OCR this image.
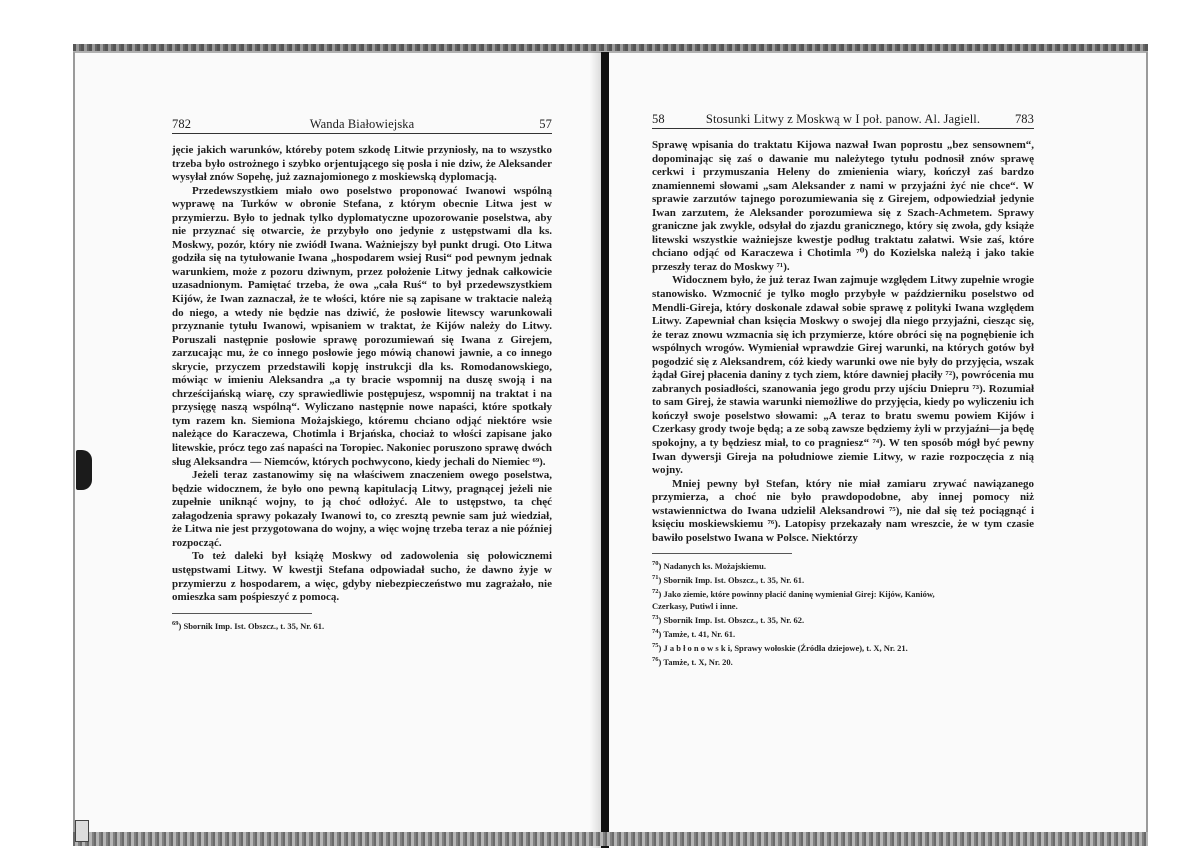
782	Wanda Białowiejska	57

jęcie jakich warunków, któreby potem szkodę Litwie przyniosły, na to wszystko trzeba było ostrożnego i szybko orjentującego się posła i nie dziw, że Aleksander wysyłał znów Sopehę, już zaznajomionego z moskiewską dyplomacją.

Przedewszystkiem miało owo poselstwo proponować Iwanowi wspólną wyprawę na Turków w obronie Stefana, z którym obecnie Litwa jest w przymierzu. Było to jednak tylko dyplomatyczne upozorowanie poselstwa, aby nie przyznać się otwarcie, że przybyło ono jedynie z ustępstwami dla ks. Moskwy, pozór, który nie zwiódł Iwana. Ważniejszy był punkt drugi. Oto Litwa godziła się na tytułowanie Iwana „hospodarem wsiej Rusi“ pod pewnym jednak warunkiem, może z pozoru dziwnym, przez położenie Litwy jednak całkowicie uzasadnionym. Pamiętać trzeba, że owa „cała Ruś“ to był przedewszystkiem Kijów, że Iwan zaznaczał, że te włości, które nie są zapisane w traktacie należą do niego, a wtedy nie będzie nas dziwić, że posłowie litewscy warunkowali przyznanie tytułu Iwanowi, wpisaniem w traktat, że Kijów należy do Litwy. Poruszali następnie posłowie sprawę porozumiewań się Iwana z Girejem, zarzucając mu, że co innego posłowie jego mówią chanowi jawnie, a co innego skrycie, przyczem przedstawili kopję instrukcji dla ks. Romodanowskiego, mówiąc w imieniu Aleksandra „a ty bracie wspomnij na duszę swoją i na chrześcijańską wiarę, czy sprawiedliwie postępujesz, wspomnij na traktat i na przysięgę naszą wspólną“. Wyliczano następnie nowe napaści, które spotkały tym razem kn. Siemiona Możajskiego, któremu chciano odjąć niektóre wsie należące do Karaczewa, Chotimla i Brjańska, chociaż to włości zapisane jako litewskie, prócz tego zaś napaści na Toropiec. Nakoniec poruszono sprawę dwóch sług Aleksandra — Niemców, których pochwycono, kiedy jechali do Niemiec ⁶⁹).

Jeżeli teraz zastanowimy się na właściwem znaczeniem owego poselstwa, będzie widocznem, że było ono pewną kapitulacją Litwy, pragnącej jeżeli nie zupełnie uniknąć wojny, to ją choć odłożyć. Ale to ustępstwo, ta chęć załagodzenia sprawy pokazały Iwanowi to, co zresztą pewnie sam już wiedział, że Litwa nie jest przygotowana do wojny, a więc wojnę trzeba teraz a nie później rozpocząć.

To też daleki był książę Moskwy od zadowolenia się połowicznemi ustępstwami Litwy. W kwestji Stefana odpowiadał sucho, że dawno żyje w przymierzu z hospodarem, a więc, gdyby niebezpieczeństwo mu zagrażało, nie omieszka sam pośpieszyć z pomocą.

$^{69}$) Sbornik Imp. Ist. Obszcz., t. 35, Nr. 61.
58	Stosunki Litwy z Moskwą w I poł. panow. Al. Jagiell.	783

Sprawę wpisania do traktatu Kijowa nazwał Iwan poprostu „bez sensownem“, dopominając się zaś o dawanie mu należytego tytułu podnosił znów sprawę cerkwi i przymuszania Heleny do zmienienia wiary, kończył zaś bardzo znamiennemi słowami „sam Aleksander z nami w przyjaźni żyć nie chce“. W sprawie zarzutów tajnego porozumiewania się z Girejem, odpowiedział jedynie Iwan zarzutem, że Aleksander porozumiewa się z Szach-Achmetem. Sprawy graniczne jak zwykle, odsyłał do zjazdu granicznego, który się zwoła, gdy książe litewski wszystkie ważniejsze kwestje podług traktatu załatwi. Wsie zaś, które chciano odjąć od Karaczewa i Chotimla ⁷⁰) do Kozielska należą i jako takie przeszły teraz do Moskwy ⁷¹).

Widocznem było, że już teraz Iwan zajmuje względem Litwy zupełnie wrogie stanowisko. Wzmocnić je tylko mogło przybyłe w październiku poselstwo od Mendli-Gireja, który doskonale zdawał sobie sprawę z polityki Iwana względem Litwy. Zapewniał chan księcia Moskwy o swojej dla niego przyjaźni, ciesząc się, że teraz znowu wzmacnia się ich przymierze, które obróci się na pognębienie ich wspólnych wrogów. Wymieniał wprawdzie Girej warunki, na których gotów był pogodzić się z Aleksandrem, cóż kiedy warunki owe nie były do przyjęcia, wszak żądał Girej płacenia daniny z tych ziem, które dawniej płaciły ⁷²), powrócenia mu zabranych posiadłości, szanowania jego grodu przy ujściu Dniepru ⁷³). Rozumiał to sam Girej, że stawia warunki niemożliwe do przyjęcia, kiedy po wyliczeniu ich kończył swoje poselstwo słowami: „A teraz to bratu swemu powiem Kijów i Czerkasy grody twoje będą; a ze sobą zawsze będziemy żyli w przyjaźni—ja będę spokojny, a ty będziesz miał, to co pragniesz“ ⁷⁴). W ten sposób mógł być pewny Iwan dywersji Gireja na południowe ziemie Litwy, w razie rozpoczęcia z nią wojny.

Mniej pewny był Stefan, który nie miał zamiaru zrywać nawiązanego przymierza, a choć nie było prawdopodobne, aby innej pomocy niż wstawiennictwa do Iwana udzielił Aleksandrowi ⁷⁵), nie dał się też pociągnąć i księciu moskiewskiemu ⁷⁶). Latopisy przekazały nam wreszcie, że w tym czasie bawiło poselstwo Iwana w Polsce. Niektórzy

$^{70}$) Nadanych ks. Możajskiemu.
$^{71}$) Sbornik Imp. Ist. Obszcz., t. 35, Nr. 61.
$^{72}$) Jako ziemie, które powinny płacić daninę wymieniał Girej: Kijów, Kaniów,
Czerkasy, Putiwl i inne.
$^{73}$) Sbornik Imp. Ist. Obszcz., t. 35, Nr. 62.
$^{74}$) Tamże, t. 41, Nr. 61.
$^{75}$) J a b ł o n o w s k i, Sprawy wołoskie (Źródła dziejowe), t. X, Nr. 21.
$^{76}$) Tamże, t. X, Nr. 20.
